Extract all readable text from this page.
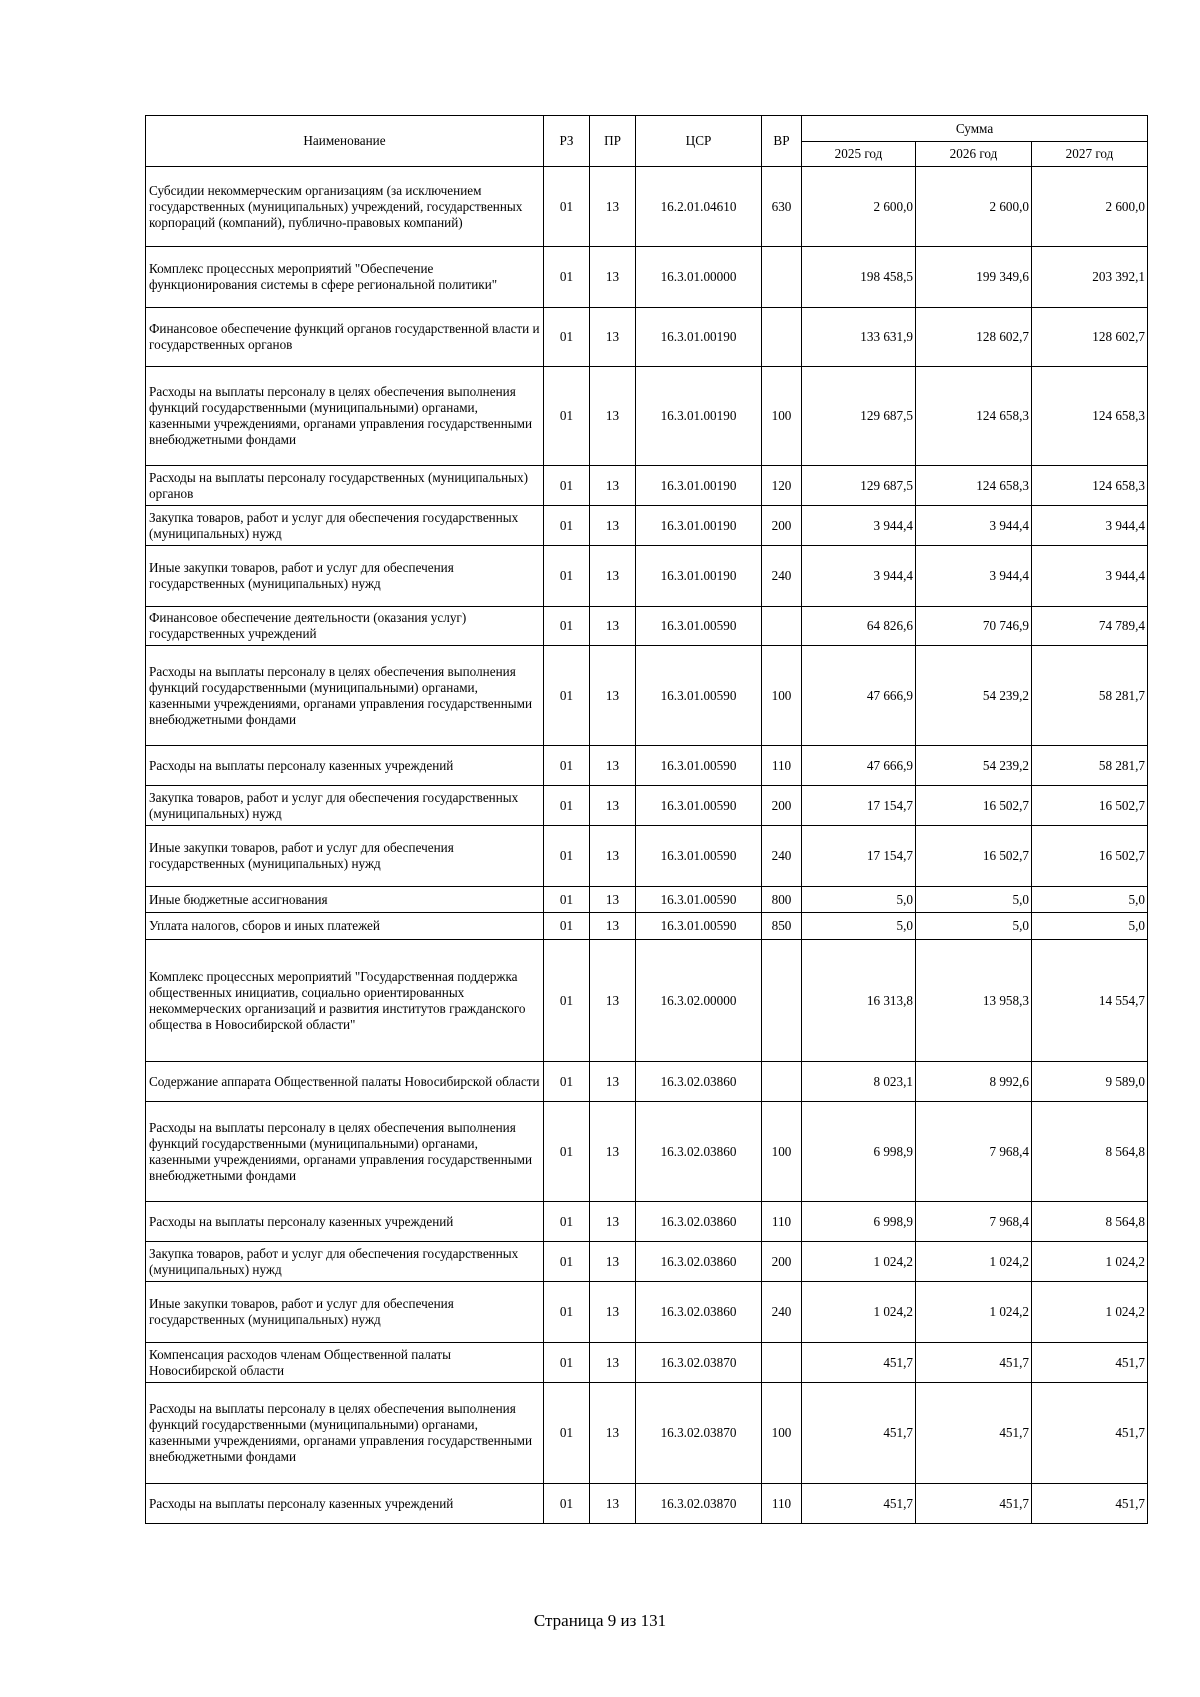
Наименование	РЗ	ПР	ЦСР	ВР	Сумма		
					2025 год	2026 год	2027 год
Субсидии некоммерческим организациям (за исключением государственных (муниципальных) учреждений, государственных корпораций (компаний), публично-правовых компаний)	01	13	16.2.01.04610	630	2 600,0	2 600,0	2 600,0
Комплекс процессных мероприятий "Обеспечение функционирования системы в сфере региональной политики"	01	13	16.3.01.00000		198 458,5	199 349,6	203 392,1
Финансовое обеспечение функций органов государственной власти и государственных органов	01	13	16.3.01.00190		133 631,9	128 602,7	128 602,7
Расходы на выплаты персоналу в целях обеспечения выполнения функций государственными (муниципальными) органами, казенными учреждениями, органами управления государственными внебюджетными фондами	01	13	16.3.01.00190	100	129 687,5	124 658,3	124 658,3
Расходы на выплаты персоналу государственных (муниципальных) органов	01	13	16.3.01.00190	120	129 687,5	124 658,3	124 658,3
Закупка товаров, работ и услуг для обеспечения государственных (муниципальных) нужд	01	13	16.3.01.00190	200	3 944,4	3 944,4	3 944,4
Иные закупки товаров, работ и услуг для обеспечения государственных (муниципальных) нужд	01	13	16.3.01.00190	240	3 944,4	3 944,4	3 944,4
Финансовое обеспечение деятельности (оказания услуг) государственных учреждений	01	13	16.3.01.00590		64 826,6	70 746,9	74 789,4
Расходы на выплаты персоналу в целях обеспечения выполнения функций государственными (муниципальными) органами, казенными учреждениями, органами управления государственными внебюджетными фондами	01	13	16.3.01.00590	100	47 666,9	54 239,2	58 281,7
Расходы на выплаты персоналу казенных учреждений	01	13	16.3.01.00590	110	47 666,9	54 239,2	58 281,7
Закупка товаров, работ и услуг для обеспечения государственных (муниципальных) нужд	01	13	16.3.01.00590	200	17 154,7	16 502,7	16 502,7
Иные закупки товаров, работ и услуг для обеспечения государственных (муниципальных) нужд	01	13	16.3.01.00590	240	17 154,7	16 502,7	16 502,7
Иные бюджетные ассигнования	01	13	16.3.01.00590	800	5,0	5,0	5,0
Уплата налогов, сборов и иных платежей	01	13	16.3.01.00590	850	5,0	5,0	5,0
Комплекс процессных мероприятий "Государственная поддержка общественных инициатив, социально ориентированных некоммерческих организаций и развития институтов гражданского общества в Новосибирской области"	01	13	16.3.02.00000		16 313,8	13 958,3	14 554,7
Содержание аппарата Общественной палаты Новосибирской области	01	13	16.3.02.03860		8 023,1	8 992,6	9 589,0
Расходы на выплаты персоналу в целях обеспечения выполнения функций государственными (муниципальными) органами, казенными учреждениями, органами управления государственными внебюджетными фондами	01	13	16.3.02.03860	100	6 998,9	7 968,4	8 564,8
Расходы на выплаты персоналу казенных учреждений	01	13	16.3.02.03860	110	6 998,9	7 968,4	8 564,8
Закупка товаров, работ и услуг для обеспечения государственных (муниципальных) нужд	01	13	16.3.02.03860	200	1 024,2	1 024,2	1 024,2
Иные закупки товаров, работ и услуг для обеспечения государственных (муниципальных) нужд	01	13	16.3.02.03860	240	1 024,2	1 024,2	1 024,2
Компенсация расходов членам Общественной палаты Новосибирской области	01	13	16.3.02.03870		451,7	451,7	451,7
Расходы на выплаты персоналу в целях обеспечения выполнения функций государственными (муниципальными) органами, казенными учреждениями, органами управления государственными внебюджетными фондами	01	13	16.3.02.03870	100	451,7	451,7	451,7
Расходы на выплаты персоналу казенных учреждений	01	13	16.3.02.03870	110	451,7	451,7	451,7
Страница 9 из 131
